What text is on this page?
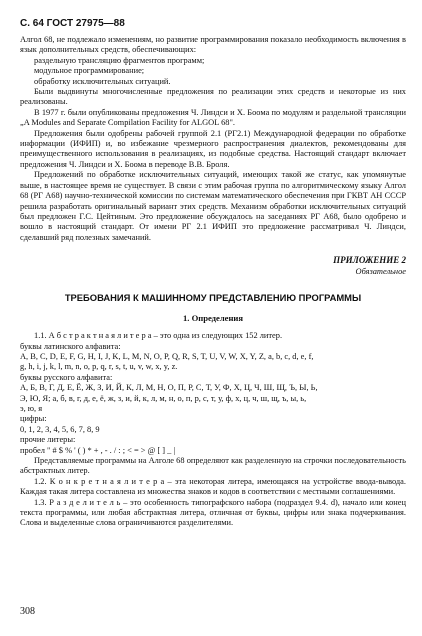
С. 64 ГОСТ 27975—88

Алгол 68, не подлежало изменениям, но развитие программирования показало необходимость включения в язык дополнительных средств, обеспечивающих:

раздельную трансляцию фрагментов программ;
модульное программирование;
обработку исключительных ситуаций.

Были выдвинуты многочисленные предложения по реализации этих средств и некоторые из них реализованы.

В 1977 г. были опубликованы предложения Ч. Линдси и Х. Боома по модулям и раздельной трансляции „A Modules and Separate Compilation Facility for ALGOL 68".

Предложения были одобрены рабочей группой 2.1 (РГ2.1) Международной федерации по обработке информации (ИФИП) и, во избежание чрезмерного распространения диалектов, рекомендованы для преимущественного использования в реализациях, из подобные средства. Настоящий стандарт включает предложения Ч. Линдси и Х. Боома в переводе В.В. Броля.

Предложений по обработке исключительных ситуаций, имеющих такой же статус, как упомянутые выше, в настоящее время не существует. В связи с этим рабочая группа по алгоритмическому языку Алгол 68 (РГ А68) научно-технической комиссии по системам математического обеспечения при ГКВТ АН СССР решила разработать оригинальный вариант этих средств. Механизм обработки исключительных ситуаций был предложен Г.С. Цейтиным. Это предложение обсуждалось на заседаниях РГ А68, было одобрено и вошло в настоящий стандарт. От имени РГ 2.1 ИФИП это предложение рассматривал Ч. Линдси, сделавший ряд полезных замечаний.

ПРИЛОЖЕНИЕ 2
Обязательное
ТРЕБОВАНИЯ К МАШИННОМУ ПРЕДСТАВЛЕНИЮ ПРОГРАММЫ
1. Определения

1.1. А б с т р а к т н а я л и т е р а – это одна из следующих 152 литер.

буквы латинского алфавита:
A, B, C, D, E, F, G, H, I, J, K, L, M, N, O, P, Q, R, S, T, U, V, W, X, Y, Z, a, b, c, d, e, f,
g, h, i, j, k, l, m, n, o, p, q, r, s, t, u, v, w, x, y, z.
буквы русского алфавита:
А, Б, В, Г, Д, Е, Ё, Ж, З, И, Й, К, Л, М, Н, О, П, Р, С, Т, У, Ф, Х, Ц, Ч, Ш, Щ, Ъ, Ы, Ь,
Э, Ю, Я; а, б, в, г, д, е, ё, ж, з, и, й, к, л, м, н, о, п, р, с, т, у, ф, х, ц, ч, ш, щ, ъ, ы, ь,
э, ю, я
цифры:
0, 1, 2, 3, 4, 5, 6, 7, 8, 9
прочие литеры:
пробел " # $ % ' ( ) * + , - . / : ; < = > @ [ ] _ |

Представляемые программы на Алголе 68 определяют как разделенную на строчки последовательность абстрактных литер.

1.2. К о н к р е т н а я л и т е р а – эта некоторая литера, имеющаяся на устройстве ввода-вывода. Каждая такая литера составлена из множества знаков и кодов в соответствии с местными соглашениями.

1.3. Р а з д е л и т е л ь – это особенность типографского набора (подраздел 9.4. d), начало или конец текста программы, или любая абстрактная литера, отличная от буквы, цифры или знака подчеркивания. Слова и выделенные слова ограничиваются разделителями.

308
